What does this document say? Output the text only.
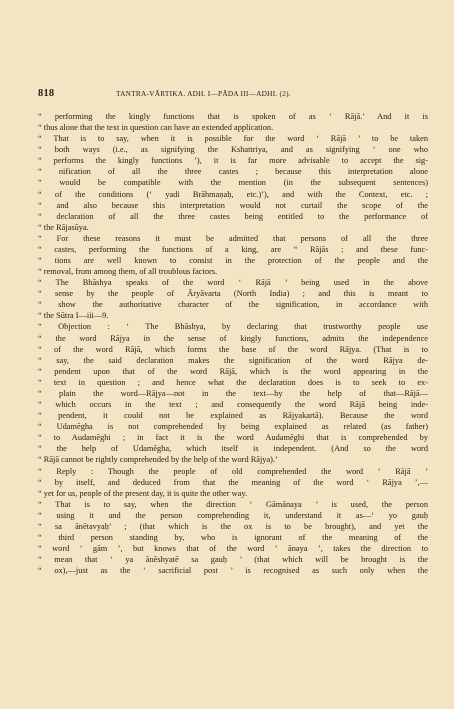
818	TANTRA-VĀRTIKA. ADH. I—PĀDA III—ADHI. (2).
“ performing the kingly functions that is spoken of as ‘ Rājā.’ And it is
“ thus alone that the text in question can have an extended application.
“ That is to say, when it is possible for the word ‘ Rājā ’ to be taken
“ both ways (i.e., as signifying the Kshattriya, and as signifying ‘ one who
“ performs the kingly functions ’), it is far more advisable to accept the sig-
“ nification of all the three castes ; because this interpretation alone
“ would be compatible with the mention (in the subsequent sentences)
“ of the conditions (‘ yadi Brāhmaṇaḥ, etc.)’), and with the Context, etc. ;
“ and also because this interpretation would not curtail the scope of the
“ declaration of all the three castes being entitled to the performance of
“ the Rājasūya.
“ For these reasons it must be admitted that persons of all the three
“ castes, performing the functions of a king, are “ Rājās ; and these func-
“ tions are well known to consist in the protection of the people and the
“ removal, from among them, of all troublous factors.
“ The Bhāshya speaks of the word ‘ Rājā ’ being used in the above
“ sense by the people of Āryāvarta (North India) ; and this is meant to
“ show the authoritative character of the signification, in accordance with
“ the Sūtra I—iii—9.
“ Objection : ‘ The Bhāshya, by declaring that trustworthy people use
“ the word Rājya in the sense of kingly functions, admits the independence
“ of the word Rājā, which forms the base of the word Rājya. (That is to
“ say, the said declaration makes the signification of the word Rājya de-
“ pendent upon that of the word Rājā, which is the word appearing in the
“ text in question ; and hence what the declaration does is to seek to ex-
“ plain the word—Rājya—not in the text—by the help of that—Rājā—
“ which occurs in the text ; and consequently the word Rājā being inde-
“ pendent, it could not be explained as Rājyakartā). Because the word
“ Udamēgha is not comprehended by being explained as related (as father)
“ to Audamēghi ; in fact it is the word Audamēghi that is comprehended by
“ the help of Udamēgha, which itself is independent. (And so the word
“ Rājā cannot be rightly comprehended by the help of the word Rājya).’
“ Reply : Though the people of old comprehended the word ‘ Rājā ’
“ by itself, and deduced from that the meaning of the word ‘ Rājya ’,—
“ yet for us, people of the present day, it is quite the other way.
“ That is to say, when the direction ‘ Gāmānaya ’ is used, the person
“ using it and the person comprehending it, understand it as—‘ yo gauḥ
“ sa ānētavyaḥ’ ; (that which is the ox is to be brought), and yet the
“ third person standing by, who is ignorant of the meaning of the
“ word ‘ gām ’, but knows that of the word ‘ ānaya ’, takes the direction to
“ mean that ‘ ya ānēshyatē sa gauḥ ’ (that which will be brought is the
“ ox),—just as the ‘ sacrificial post ’ is recognised as such only when the
